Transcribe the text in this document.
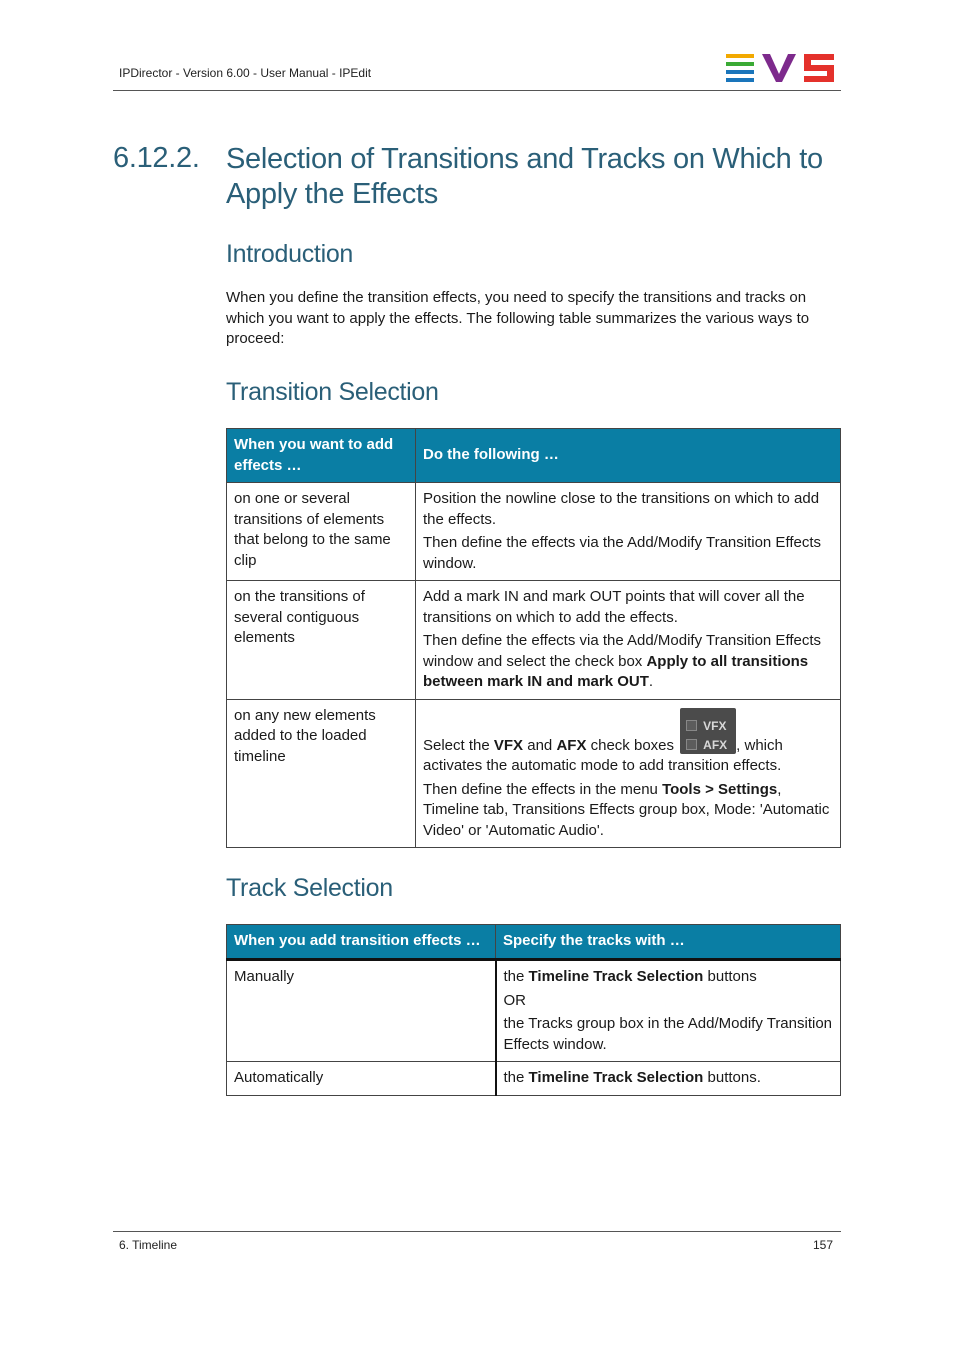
IPDirector - Version 6.00 - User Manual - IPEdit
6.12.2. Selection of Transitions and Tracks on Which to Apply the Effects
Introduction
When you define the transition effects, you need to specify the transitions and tracks on which you want to apply the effects. The following table summarizes the various ways to proceed:
Transition Selection
When you want to add effects …	Do the following …
on one or several transitions of elements that belong to the same clip	Position the nowline close to the transitions on which to add the effects.

Then define the effects via the Add/Modify Transition Effects window.

on the transitions of several contiguous elements	Add a mark IN and mark OUT points that will cover all the transitions on which to add the effects.

Then define the effects via the Add/Modify Transition Effects window and select the check box Apply to all transitions between mark IN and mark OUT.

on any new elements added to the loaded timeline	Select the VFX and AFX check boxes
VFX
AFX , which activates the automatic mode to add transition effects.

Then define the effects in the menu Tools > Settings, Timeline tab, Transitions Effects group box, Mode: 'Automatic Video' or 'Automatic Audio'.

Track Selection
When you add transition effects …	Specify the tracks with …
Manually	the Timeline Track Selection buttons

OR

the Tracks group box in the Add/Modify Transition Effects window.

Automatically	the Timeline Track Selection buttons.

6. Timeline	157
